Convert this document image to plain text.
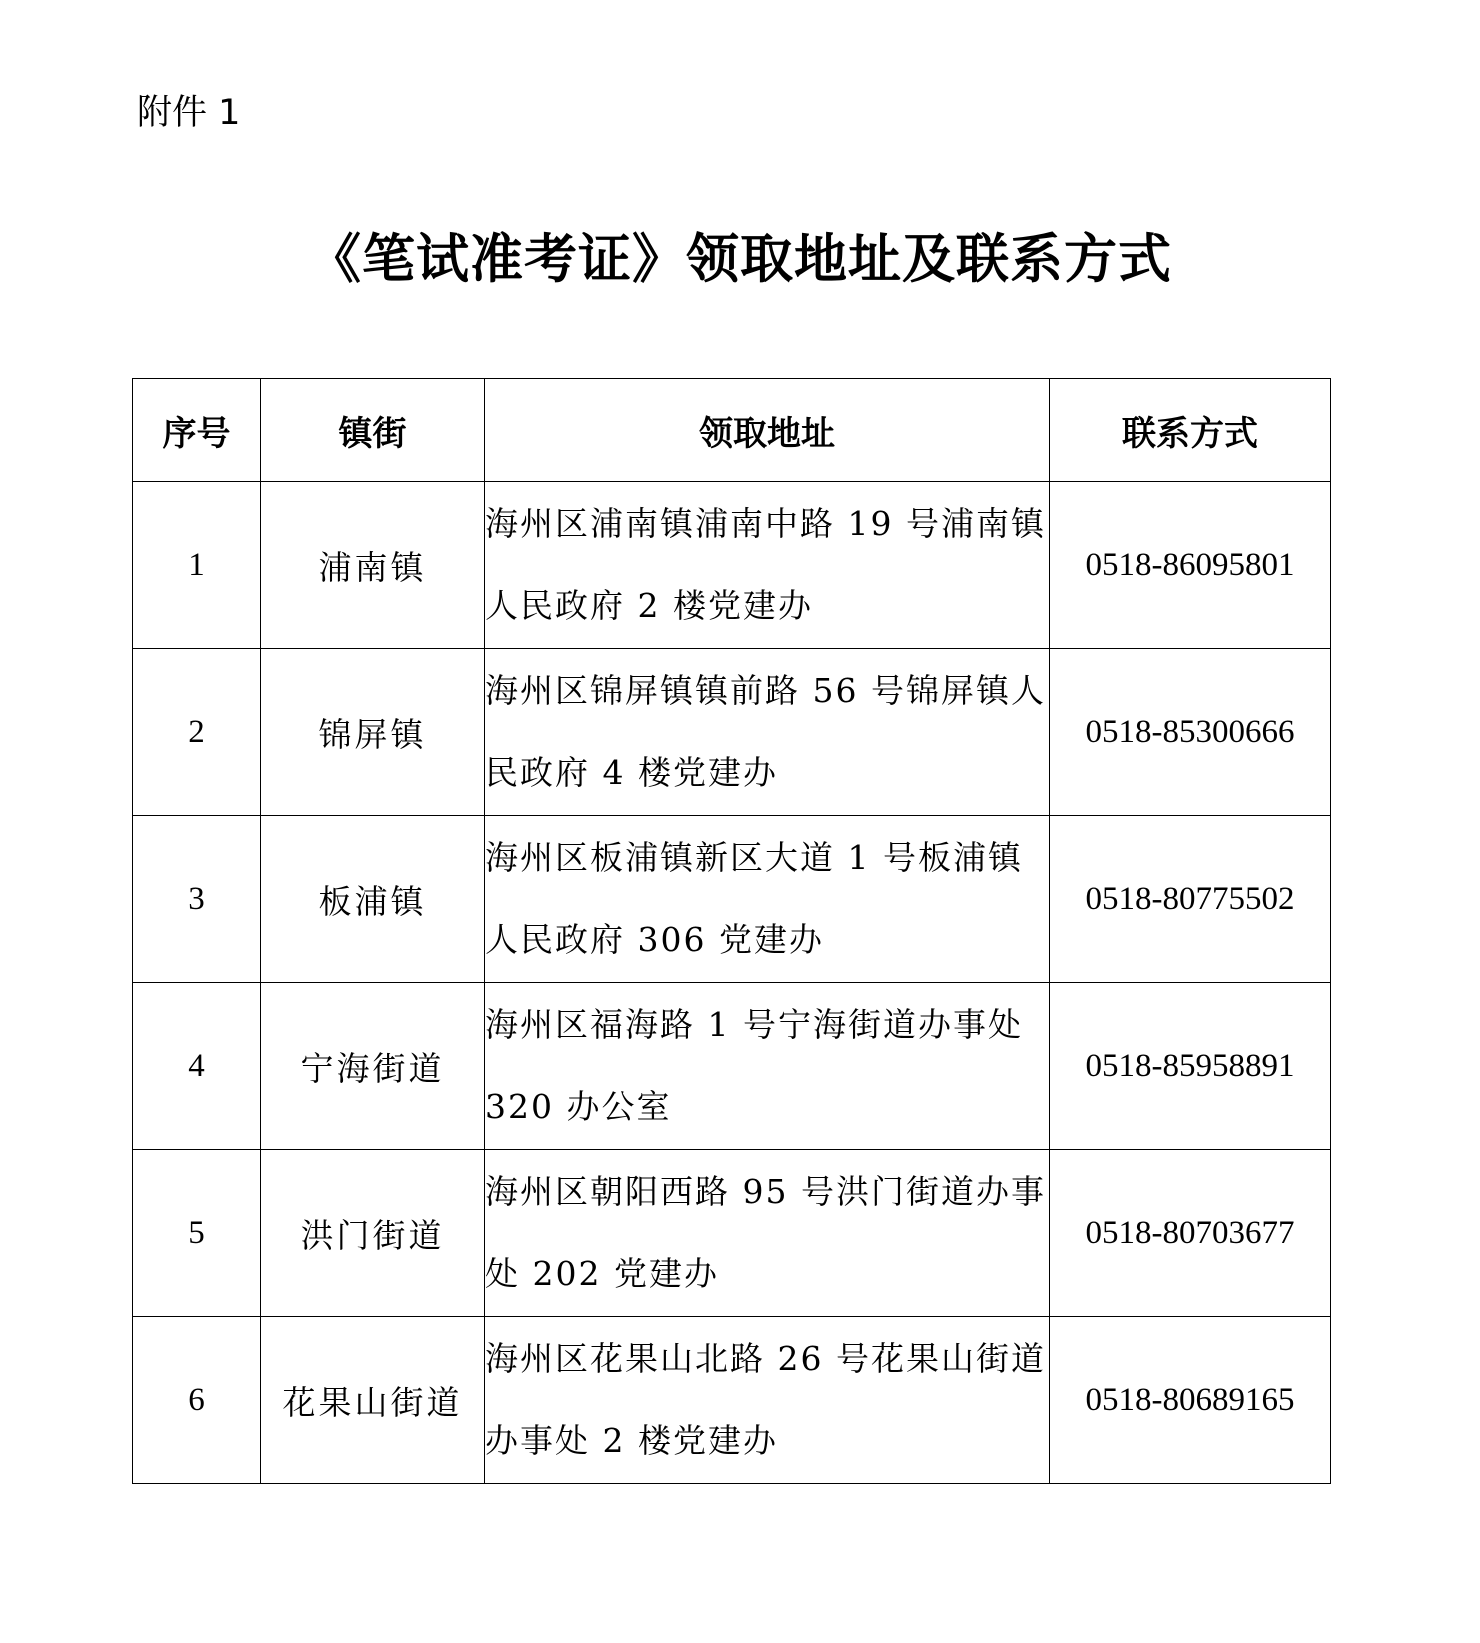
附件 1

《笔试准考证》领取地址及联系方式
序号	镇街	领取地址	联系方式
1	浦南镇	海州区浦南镇浦南中路 19 号浦南镇人民政府 2 楼党建办	0518-86095801
2	锦屏镇	海州区锦屏镇镇前路 56 号锦屏镇人民政府 4 楼党建办	0518-85300666
3	板浦镇	海州区板浦镇新区大道 1 号板浦镇人民政府 306 党建办	0518-80775502
4	宁海街道	海州区福海路 1 号宁海街道办事处 320 办公室	0518-85958891
5	洪门街道	海州区朝阳西路 95 号洪门街道办事处 202 党建办	0518-80703677
6	花果山街道	海州区花果山北路 26 号花果山街道办事处 2 楼党建办	0518-80689165
